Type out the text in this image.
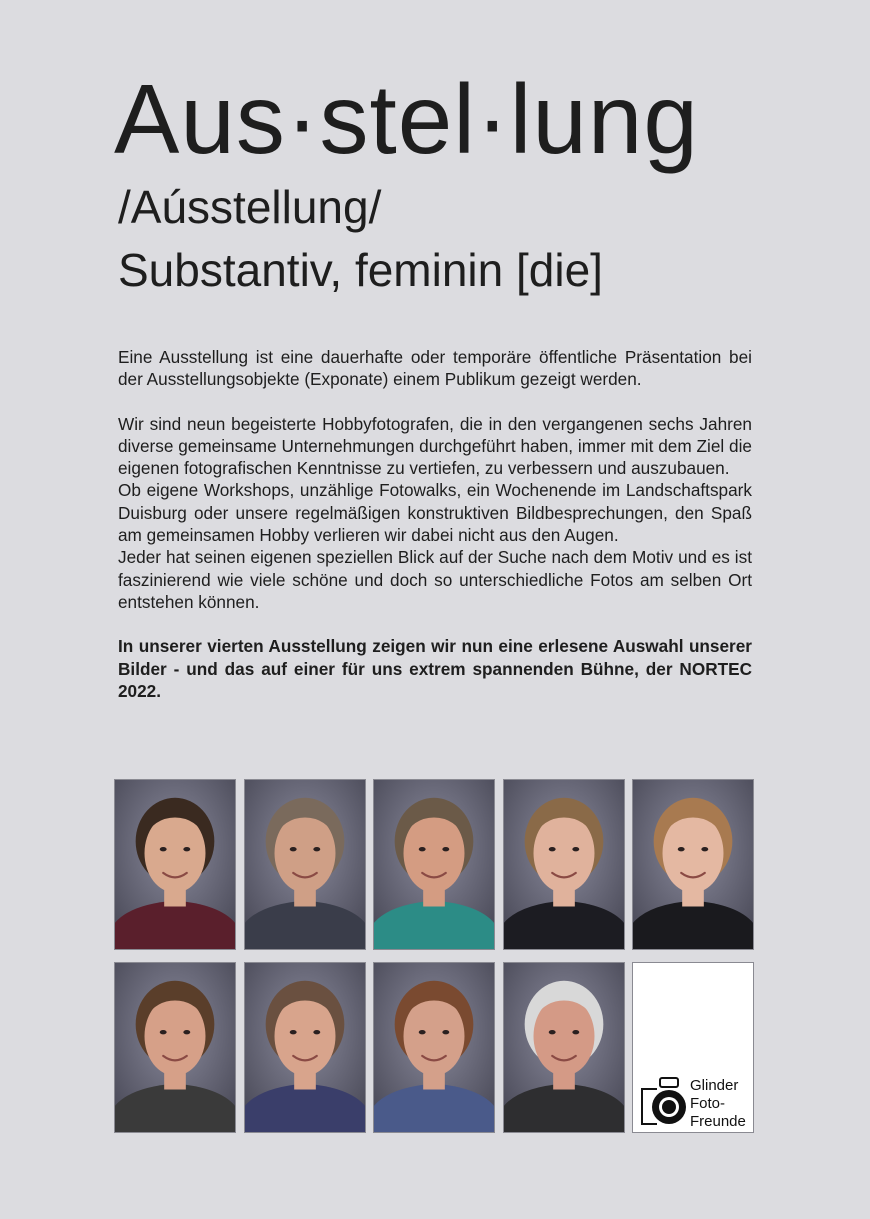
Aus·stel·lung
/Aússtellung/
Substantiv, feminin [die]

Eine Ausstellung ist eine dauerhafte oder temporäre öffentliche Präsentation bei der Ausstellungsobjekte (Exponate) einem Publikum gezeigt werden.

Wir sind neun begeisterte Hobbyfotografen, die in den vergangenen sechs Jahren diverse gemeinsame Unternehmungen durchgeführt haben, immer mit dem Ziel die eigenen fotografischen Kenntnisse zu vertiefen, zu verbessern und auszubauen.

Ob eigene Workshops, unzählige Fotowalks, ein Wochenende im Landschaftspark Duisburg oder unsere regelmäßigen konstruktiven Bildbesprechungen, den Spaß am gemeinsamen Hobby verlieren wir dabei nicht aus den Augen.

Jeder hat seinen eigenen speziellen Blick auf der Suche nach dem Motiv und es ist faszinierend wie viele schöne und doch so unterschiedliche Fotos am selben Ort entstehen können.

In unserer vierten Ausstellung zeigen wir nun eine erlesene Auswahl unserer Bilder - und das auf einer für uns extrem spannenden Bühne, der NORTEC 2022.

Glinder
Foto-
Freunde
